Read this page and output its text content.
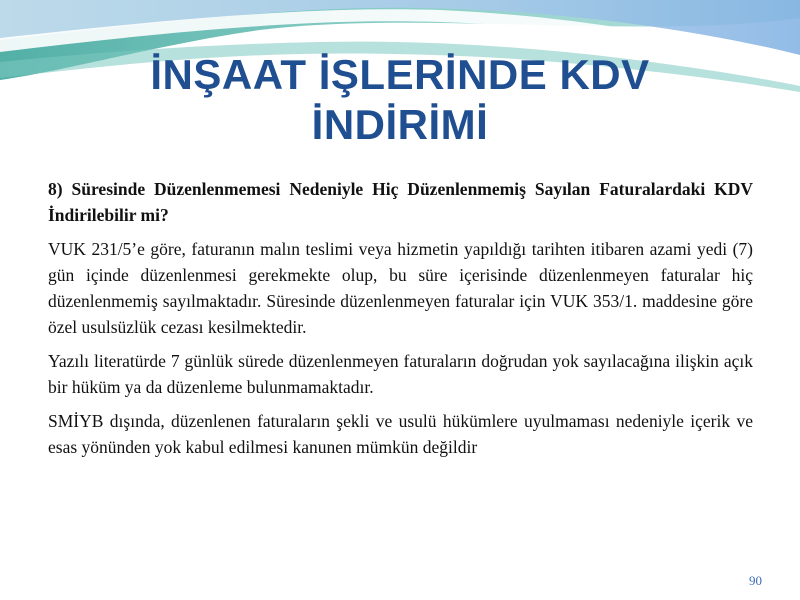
İNŞAAT İŞLERİNDE KDV
İNDİRİMİ

8) Süresinde Düzenlenmemesi Nedeniyle Hiç Düzenlenmemiş Sayılan Faturalardaki KDV İndirilebilir mi?

VUK 231/5’e göre, faturanın malın teslimi veya hizmetin yapıldığı tarihten itibaren azami yedi (7) gün içinde düzenlenmesi gerekmekte olup, bu süre içerisinde düzenlenmeyen faturalar hiç düzenlenmemiş sayılmaktadır. Süresinde düzenlenmeyen faturalar için VUK 353/1. maddesine göre özel usulsüzlük cezası kesilmektedir.

Yazılı literatürde 7 günlük sürede düzenlenmeyen faturaların doğrudan yok sayılacağına ilişkin açık bir hüküm ya da düzenleme bulunmamaktadır.

SMİYB dışında, düzenlenen faturaların şekli ve usulü hükümlere uyulmaması nedeniyle içerik ve esas yönünden yok kabul edilmesi kanunen mümkün değildir

90
